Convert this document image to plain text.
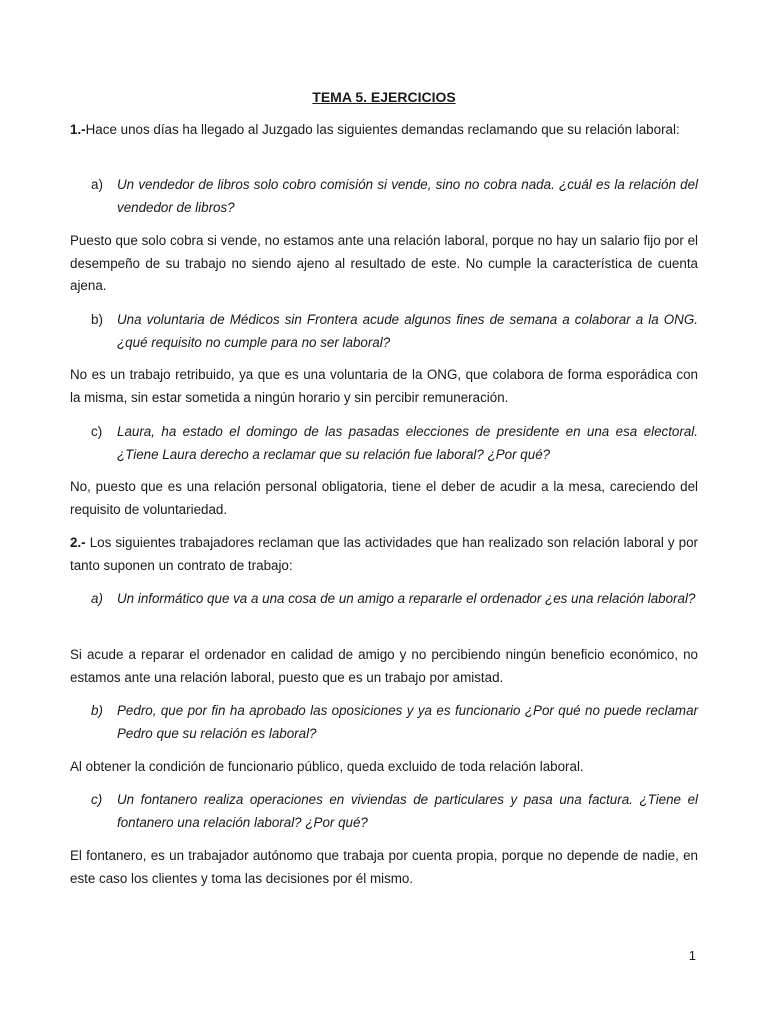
TEMA 5. EJERCICIOS

1.-Hace unos días ha llegado al Juzgado las siguientes demandas reclamando que su relación laboral:

a)	Un vendedor de libros solo cobro comisión si vende, sino no cobra nada. ¿cuál es la relación del vendedor de libros?

Puesto que solo cobra si vende, no estamos ante una relación laboral, porque no hay un salario fijo por el desempeño de su trabajo no siendo ajeno al resultado de este. No cumple la característica de cuenta ajena.

b)	Una voluntaria de Médicos sin Frontera acude algunos fines de semana a colaborar a la ONG. ¿qué requisito no cumple para no ser laboral?

No es un trabajo retribuido, ya que es una voluntaria de la ONG, que colabora de forma esporádica con la misma, sin estar sometida a ningún horario y sin percibir remuneración.

c)	Laura, ha estado el domingo de las pasadas elecciones de presidente en una esa electoral. ¿Tiene Laura derecho a reclamar que su relación fue laboral? ¿Por qué?

No, puesto que es una relación personal obligatoria, tiene el deber de acudir a la mesa, careciendo del requisito de voluntariedad.

2.- Los siguientes trabajadores reclaman que las actividades que han realizado son relación laboral y por tanto suponen un contrato de trabajo:

a)	Un informático que va a una cosa de un amigo a repararle el ordenador ¿es una relación laboral?

Si acude a reparar el ordenador en calidad de amigo y no percibiendo ningún beneficio económico, no estamos ante una relación laboral, puesto que es un trabajo por amistad.

b)	Pedro, que por fin ha aprobado las oposiciones y ya es funcionario ¿Por qué no puede reclamar Pedro que su relación es laboral?

Al obtener la condición de funcionario público, queda excluido de toda relación laboral.

c)	Un fontanero realiza operaciones en viviendas de particulares y pasa una factura. ¿Tiene el fontanero una relación laboral? ¿Por qué?

El fontanero, es un trabajador autónomo que trabaja por cuenta propia, porque no depende de nadie, en este caso los clientes y toma las decisiones por él mismo.

1
